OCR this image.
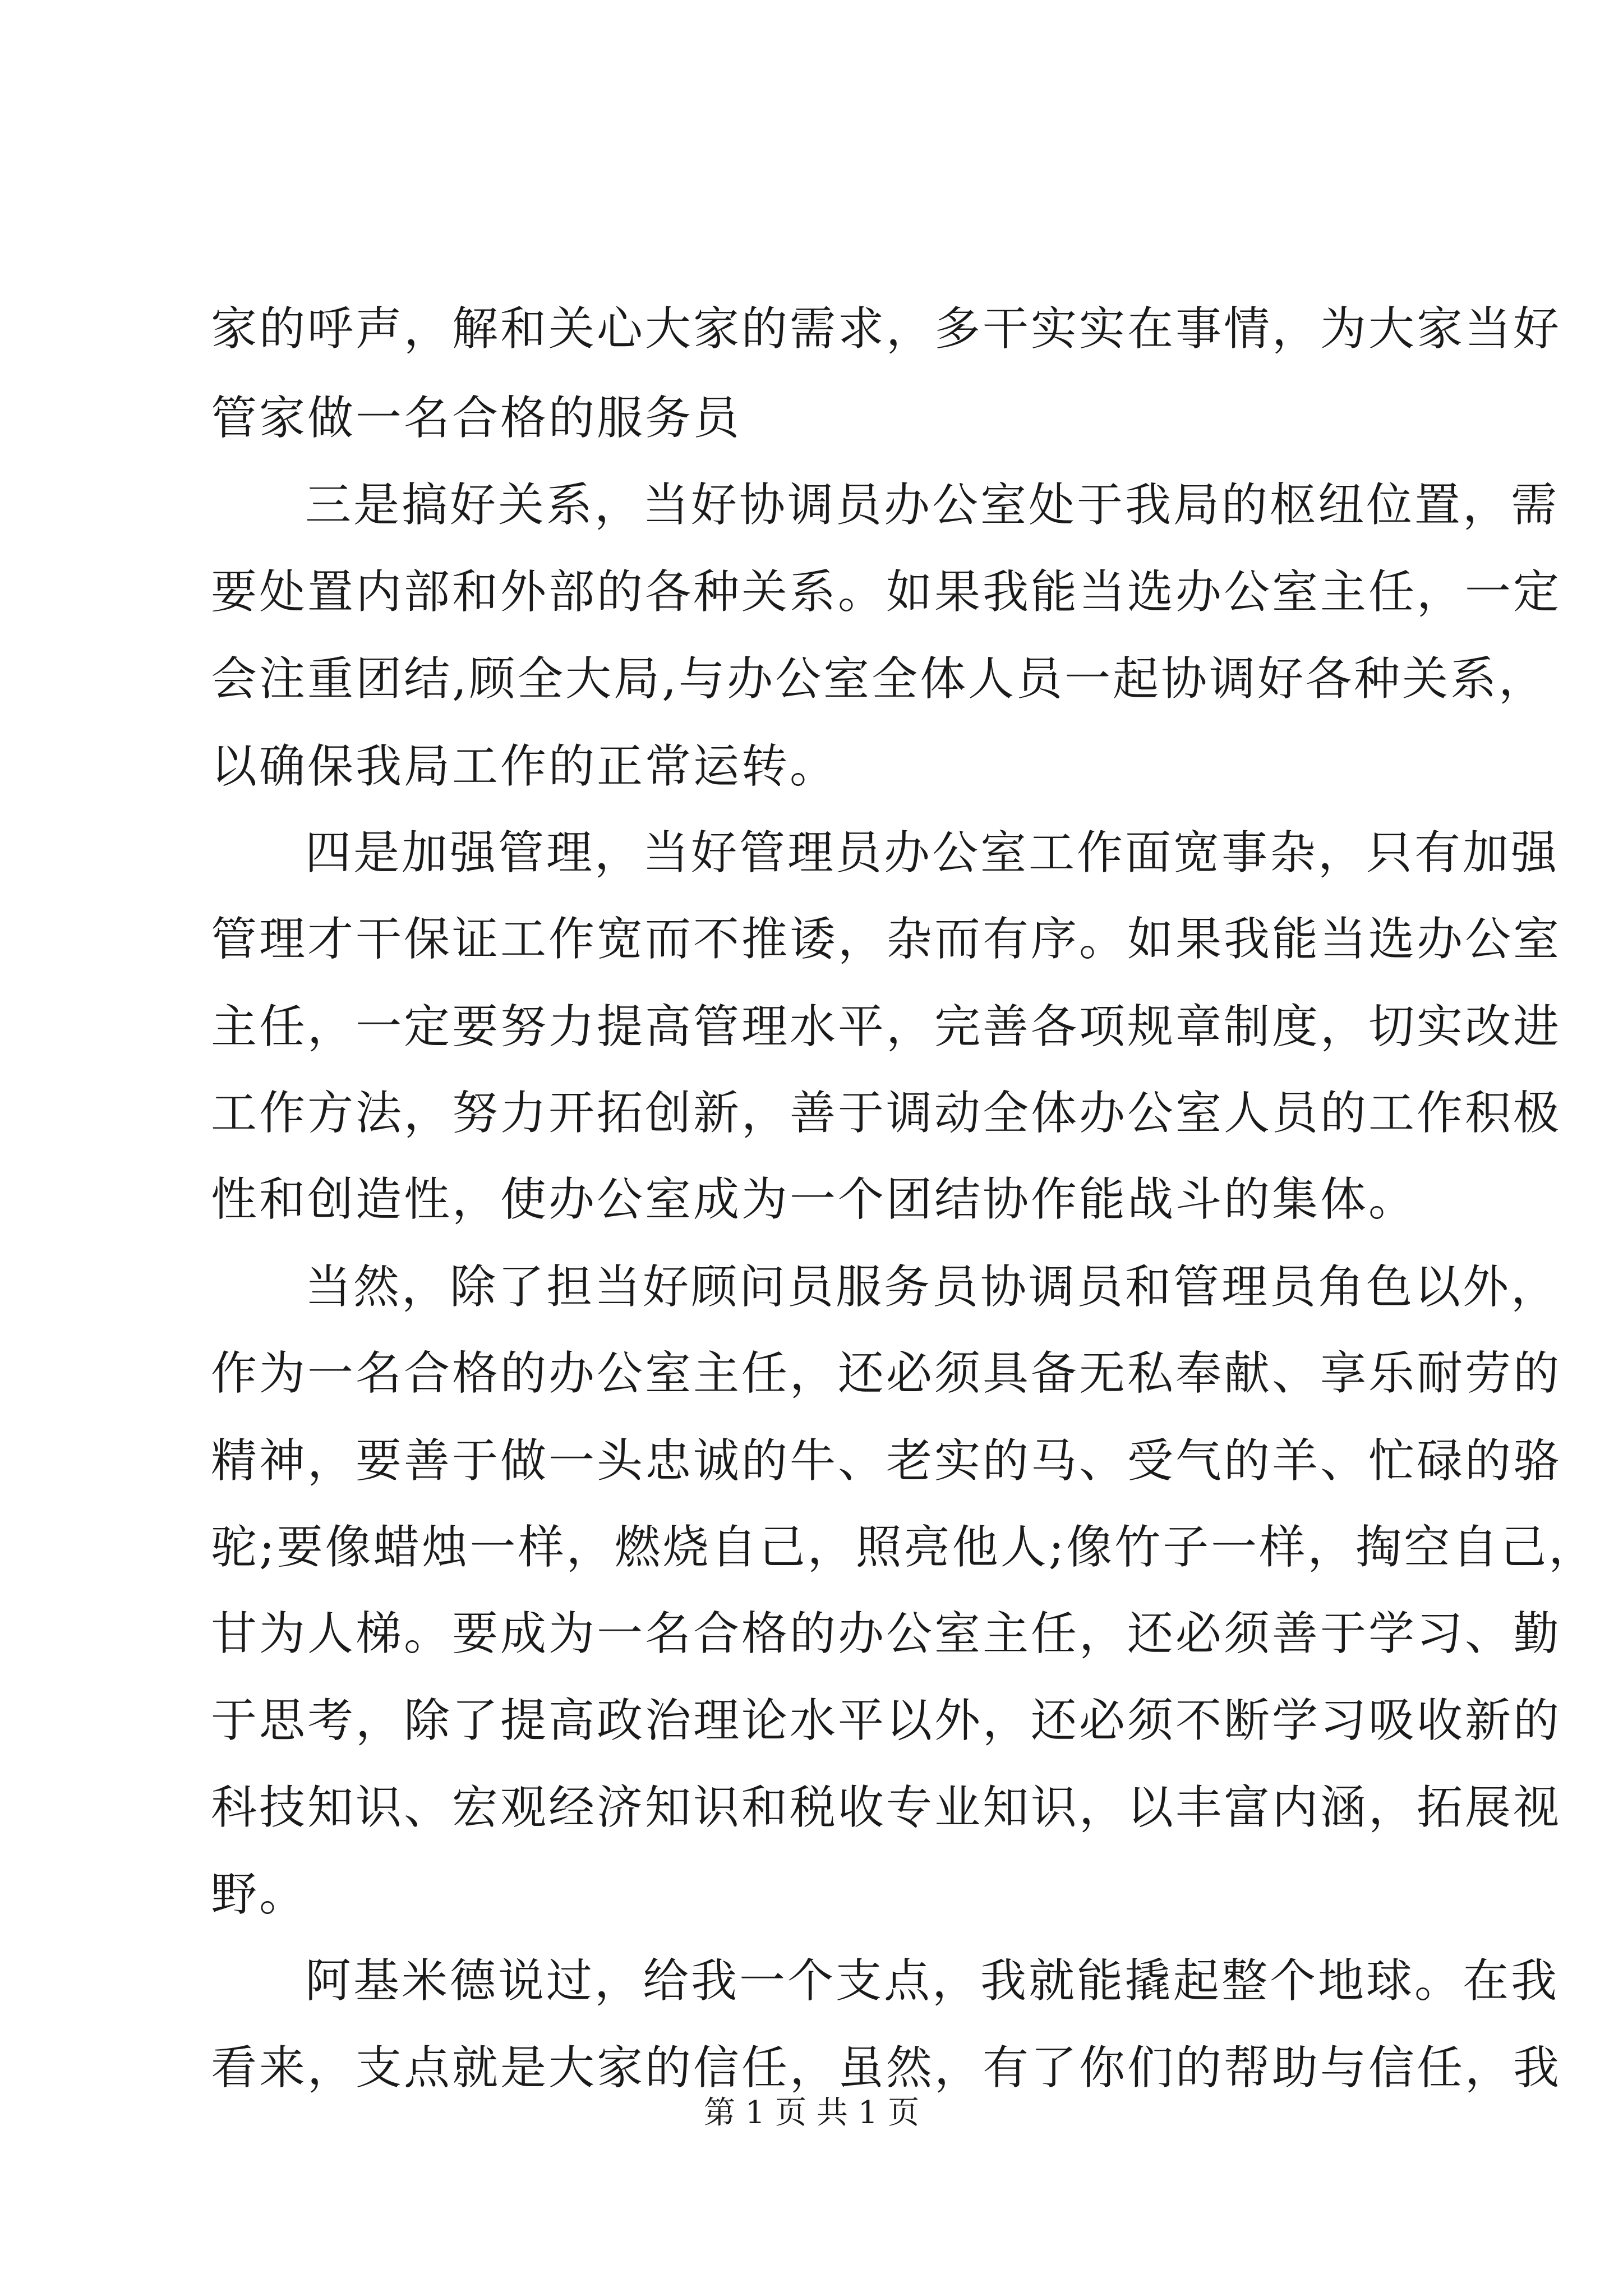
家的呼声，解和关心大家的需求，多干实实在事情，为大家当好
管家做一名合格的服务员
三是搞好关系，当好协调员办公室处于我局的枢纽位置，需
要处置内部和外部的各种关系。如果我能当选办公室主任，一定
会注重团结,顾全大局,与办公室全体人员一起协调好各种关系，
以确保我局工作的正常运转。
四是加强管理，当好管理员办公室工作面宽事杂，只有加强
管理才干保证工作宽而不推诿，杂而有序。如果我能当选办公室
主任，一定要努力提高管理水平，完善各项规章制度，切实改进
工作方法，努力开拓创新，善于调动全体办公室人员的工作积极
性和创造性，使办公室成为一个团结协作能战斗的集体。
当然，除了担当好顾问员服务员协调员和管理员角色以外，
作为一名合格的办公室主任，还必须具备无私奉献、享乐耐劳的
精神，要善于做一头忠诚的牛、老实的马、受气的羊、忙碌的骆
驼;要像蜡烛一样，燃烧自己，照亮他人;像竹子一样，掏空自己，
甘为人梯。要成为一名合格的办公室主任，还必须善于学习、勤
于思考，除了提高政治理论水平以外，还必须不断学习吸收新的
科技知识、宏观经济知识和税收专业知识，以丰富内涵，拓展视
野。
阿基米德说过，给我一个支点，我就能撬起整个地球。在我
看来，支点就是大家的信任，虽然，有了你们的帮助与信任，我
第 1 页 共 1 页
